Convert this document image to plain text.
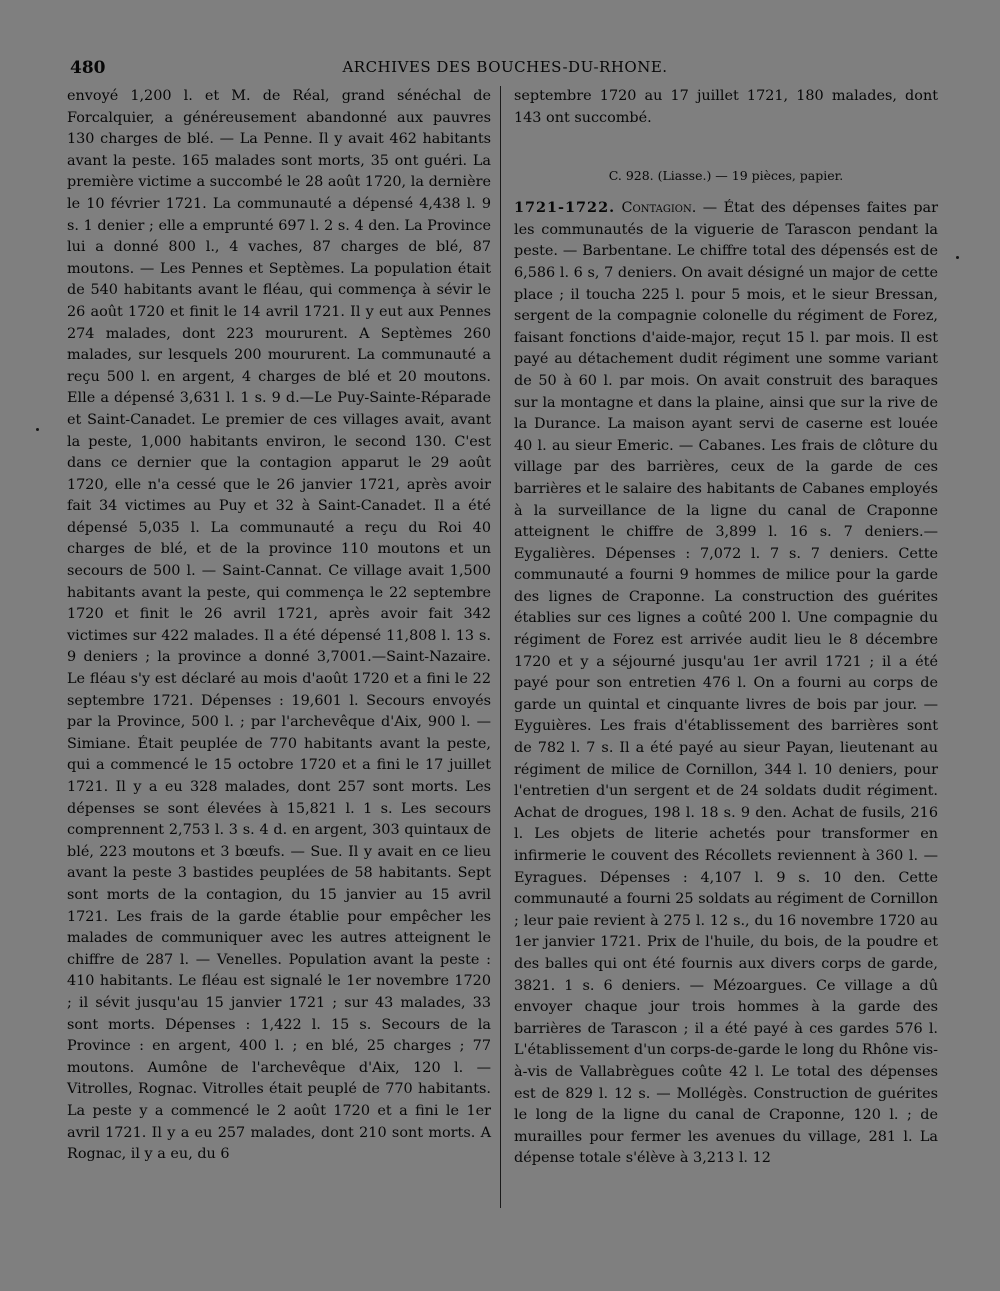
480	ARCHIVES DES BOUCHES-DU-RHONE.

envoyé 1,200 l. et M. de Réal, grand sénéchal de Forcalquier, a généreusement abandonné aux pauvres 130 charges de blé. — La Penne. Il y avait 462 habitants avant la peste. 165 malades sont morts, 35 ont guéri. La première victime a succombé le 28 août 1720, la dernière le 10 février 1721. La communauté a dépensé 4,438 l. 9 s. 1 denier ; elle a emprunté 697 l. 2 s. 4 den. La Province lui a donné 800 l., 4 vaches, 87 charges de blé, 87 moutons. — Les Pennes et Septèmes. La population était de 540 habitants avant le fléau, qui commença à sévir le 26 août 1720 et finit le 14 avril 1721. Il y eut aux Pennes 274 malades, dont 223 moururent. A Septèmes 260 malades, sur lesquels 200 moururent. La communauté a reçu 500 l. en argent, 4 charges de blé et 20 moutons. Elle a dépensé 3,631 l. 1 s. 9 d.—Le Puy-Sainte-Réparade et Saint-Canadet. Le premier de ces villages avait, avant la peste, 1,000 habitants environ, le second 130. C'est dans ce dernier que la contagion apparut le 29 août 1720, elle n'a cessé que le 26 janvier 1721, après avoir fait 34 victimes au Puy et 32 à Saint-Canadet. Il a été dépensé 5,035 l. La communauté a reçu du Roi 40 charges de blé, et de la province 110 moutons et un secours de 500 l. — Saint-Cannat. Ce village avait 1,500 habitants avant la peste, qui commença le 22 septembre 1720 et finit le 26 avril 1721, après avoir fait 342 victimes sur 422 malades. Il a été dépensé 11,808 l. 13 s. 9 deniers ; la province a donné 3,7001.—Saint-Nazaire. Le fléau s'y est déclaré au mois d'août 1720 et a fini le 22 septembre 1721. Dépenses : 19,601 l. Secours envoyés par la Province, 500 l. ; par l'archevêque d'Aix, 900 l. —Simiane. Était peuplée de 770 habitants avant la peste, qui a commencé le 15 octobre 1720 et a fini le 17 juillet 1721. Il y a eu 328 malades, dont 257 sont morts. Les dépenses se sont élevées à 15,821 l. 1 s. Les secours comprennent 2,753 l. 3 s. 4 d. en argent, 303 quintaux de blé, 223 moutons et 3 bœufs. — Sue. Il y avait en ce lieu avant la peste 3 bastides peuplées de 58 habitants. Sept sont morts de la contagion, du 15 janvier au 15 avril 1721. Les frais de la garde établie pour empêcher les malades de communiquer avec les autres atteignent le chiffre de 287 l. — Venelles. Population avant la peste : 410 habitants. Le fléau est signalé le 1er novembre 1720 ; il sévit jusqu'au 15 janvier 1721 ; sur 43 malades, 33 sont morts. Dépenses : 1,422 l. 15 s. Secours de la Province : en argent, 400 l. ; en blé, 25 charges ; 77 moutons. Aumône de l'archevêque d'Aix, 120 l. — Vitrolles, Rognac. Vitrolles était peuplé de 770 habitants. La peste y a commencé le 2 août 1720 et a fini le 1er avril 1721. Il y a eu 257 malades, dont 210 sont morts. A Rognac, il y a eu, du 6

septembre 1720 au 17 juillet 1721, 180 malades, dont 143 ont succombé.

C. 928. (Liasse.) — 19 pièces, papier.

1721-1722. Contagion. — État des dépenses faites par les communautés de la viguerie de Tarascon pendant la peste. — Barbentane. Le chiffre total des dépensés est de 6,586 l. 6 s, 7 deniers. On avait désigné un major de cette place ; il toucha 225 l. pour 5 mois, et le sieur Bressan, sergent de la compagnie colonelle du régiment de Forez, faisant fonctions d'aide-major, reçut 15 l. par mois. Il est payé au détachement dudit régiment une somme variant de 50 à 60 l. par mois. On avait construit des baraques sur la montagne et dans la plaine, ainsi que sur la rive de la Durance. La maison ayant servi de caserne est louée 40 l. au sieur Emeric. — Cabanes. Les frais de clôture du village par des barrières, ceux de la garde de ces barrières et le salaire des habitants de Cabanes employés à la surveillance de la ligne du canal de Craponne atteignent le chiffre de 3,899 l. 16 s. 7 deniers.— Eygalières. Dépenses : 7,072 l. 7 s. 7 deniers. Cette communauté a fourni 9 hommes de milice pour la garde des lignes de Craponne. La construction des guérites établies sur ces lignes a coûté 200 l. Une compagnie du régiment de Forez est arrivée audit lieu le 8 décembre 1720 et y a séjourné jusqu'au 1er avril 1721 ; il a été payé pour son entretien 476 l. On a fourni au corps de garde un quintal et cinquante livres de bois par jour. — Eyguières. Les frais d'établissement des barrières sont de 782 l. 7 s. Il a été payé au sieur Payan, lieutenant au régiment de milice de Cornillon, 344 l. 10 deniers, pour l'entretien d'un sergent et de 24 soldats dudit régiment. Achat de drogues, 198 l. 18 s. 9 den. Achat de fusils, 216 l. Les objets de literie achetés pour transformer en infirmerie le couvent des Récollets reviennent à 360 l. — Eyragues. Dépenses : 4,107 l. 9 s. 10 den. Cette communauté a fourni 25 soldats au régiment de Cornillon ; leur paie revient à 275 l. 12 s., du 16 novembre 1720 au 1er janvier 1721. Prix de l'huile, du bois, de la poudre et des balles qui ont été fournis aux divers corps de garde, 3821. 1 s. 6 deniers. — Mézoargues. Ce village a dû envoyer chaque jour trois hommes à la garde des barrières de Tarascon ; il a été payé à ces gardes 576 l. L'établissement d'un corps-de-garde le long du Rhône vis-à-vis de Vallabrègues coûte 42 l. Le total des dépenses est de 829 l. 12 s. — Mollégès. Construction de guérites le long de la ligne du canal de Craponne, 120 l. ; de murailles pour fermer les avenues du village, 281 l. La dépense totale s'élève à 3,213 l. 12
